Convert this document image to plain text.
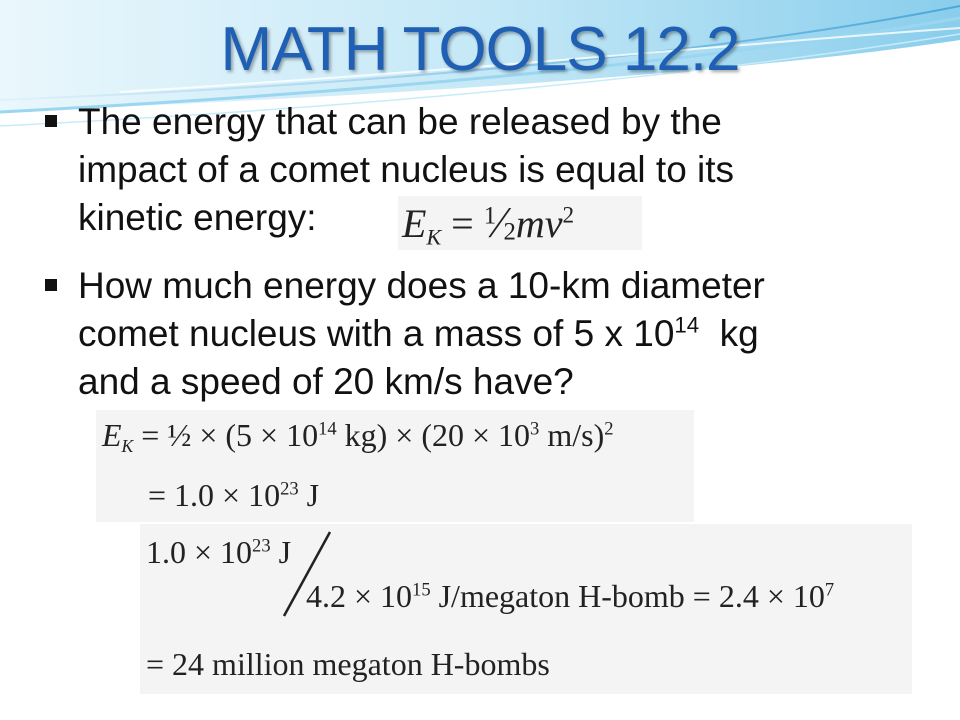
MATH TOOLS 12.2
The energy that can be released by the
impact of a comet nucleus is equal to its
kinetic energy:	$E_K$ = $^1⁄2mv^2$
How much energy does a 10-km diameter
comet nucleus with a mass of 5 x $10^{14}$  kg
and a speed of 20 km/s have?
$E_K$ = ½ × ($5 \times 10^{14}$ $kg) \times (20 \times 10^3$ m/s)$^2$
= $1.0 \times 10^{23}$ J
$1.0 \times 10^{23}$ J
$4.2 \times 10^{15}$ J/megaton H-bomb = $2.4 \times 10^7$
= 24 million megaton H-bombs
